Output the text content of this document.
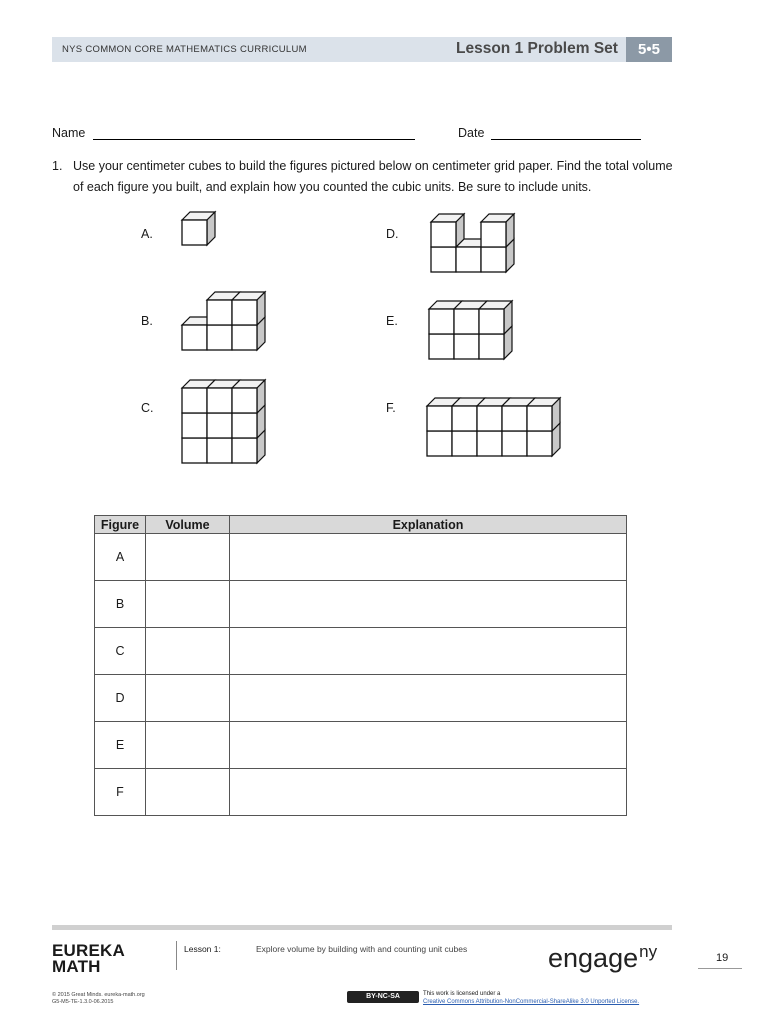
NYS COMMON CORE MATHEMATICS CURRICULUM	Lesson 1 Problem Set	5•5
Name	Date
1. Use your centimeter cubes to build the figures pictured below on centimeter grid paper. Find the total volume of each figure you built, and explain how you counted the cubic units. Be sure to include units.
A.
B.
C.
D.
E.
F.
Figure	Volume	Explanation
A		
B		
C		
D		
E		
F		
EUREKA
MATH
Lesson 1:	Explore volume by building with and counting unit cubes	engage$^{ny}$	19
© 2015 Great Minds. eureka-math.org
G5-M5-TE-1.3.0-06.2015
BY-NC-SA	This work is licensed under a
Creative Commons Attribution-NonCommercial-ShareAlike 3.0 Unported License.
